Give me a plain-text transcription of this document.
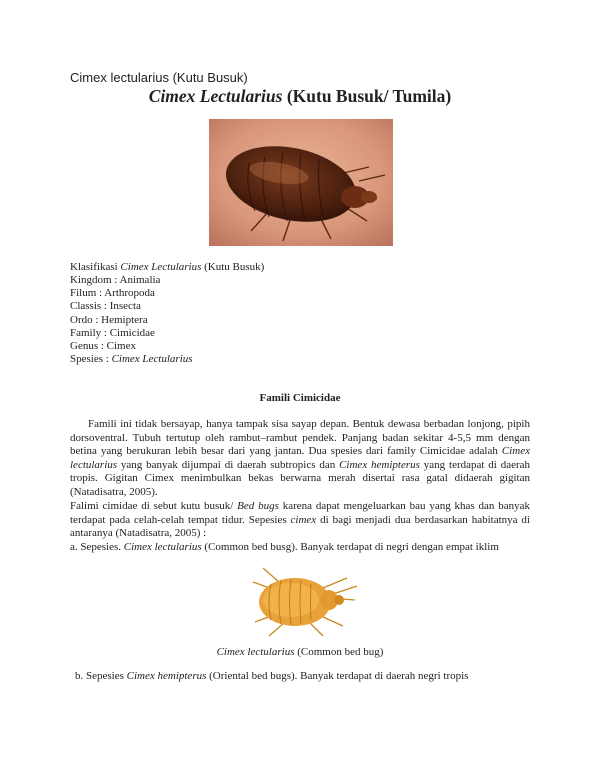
Cimex lectularius (Kutu Busuk)
Cimex Lectularius (Kutu Busuk/ Tumila)
Klasifikasi Cimex Lectularius (Kutu Busuk)
Kingdom : Animalia
Filum : Arthropoda
Classis : Insecta
Ordo : Hemiptera
Family : Cimicidae
Genus : Cimex
Spesies : Cimex Lectularius
Famili Cimicidae
Famili ini tidak bersayap, hanya tampak sisa sayap depan. Bentuk dewasa berbadan lonjong, pipih dorsoventral. Tubuh tertutup oleh rambut–rambut pendek. Panjang badan sekitar 4-5,5 mm dengan betina yang berukuran lebih besar dari yang jantan. Dua spesies dari family Cimicidae adalah Cimex lectularius yang banyak dijumpai di daerah subtropics dan Cimex hemipterus yang terdapat di daerah tropis. Gigitan Cimex menimbulkan bekas berwarna merah disertai rasa gatal didaerah gigitan (Natadisatra, 2005).
Falimi cimidae di sebut kutu busuk/ Bed bugs karena dapat mengeluarkan bau yang khas dan banyak terdapat pada celah-celah tempat tidur. Sepesies cimex di bagi menjadi dua berdasarkan habitatnya di antaranya (Natadisatra, 2005) :
a. Sepesies. Cimex lectularius (Common bed busg). Banyak terdapat di negri dengan empat iklim
Cimex lectularius (Common bed bug)
b. Sepesies Cimex hemipterus (Oriental bed bugs). Banyak terdapat di daerah negri tropis
